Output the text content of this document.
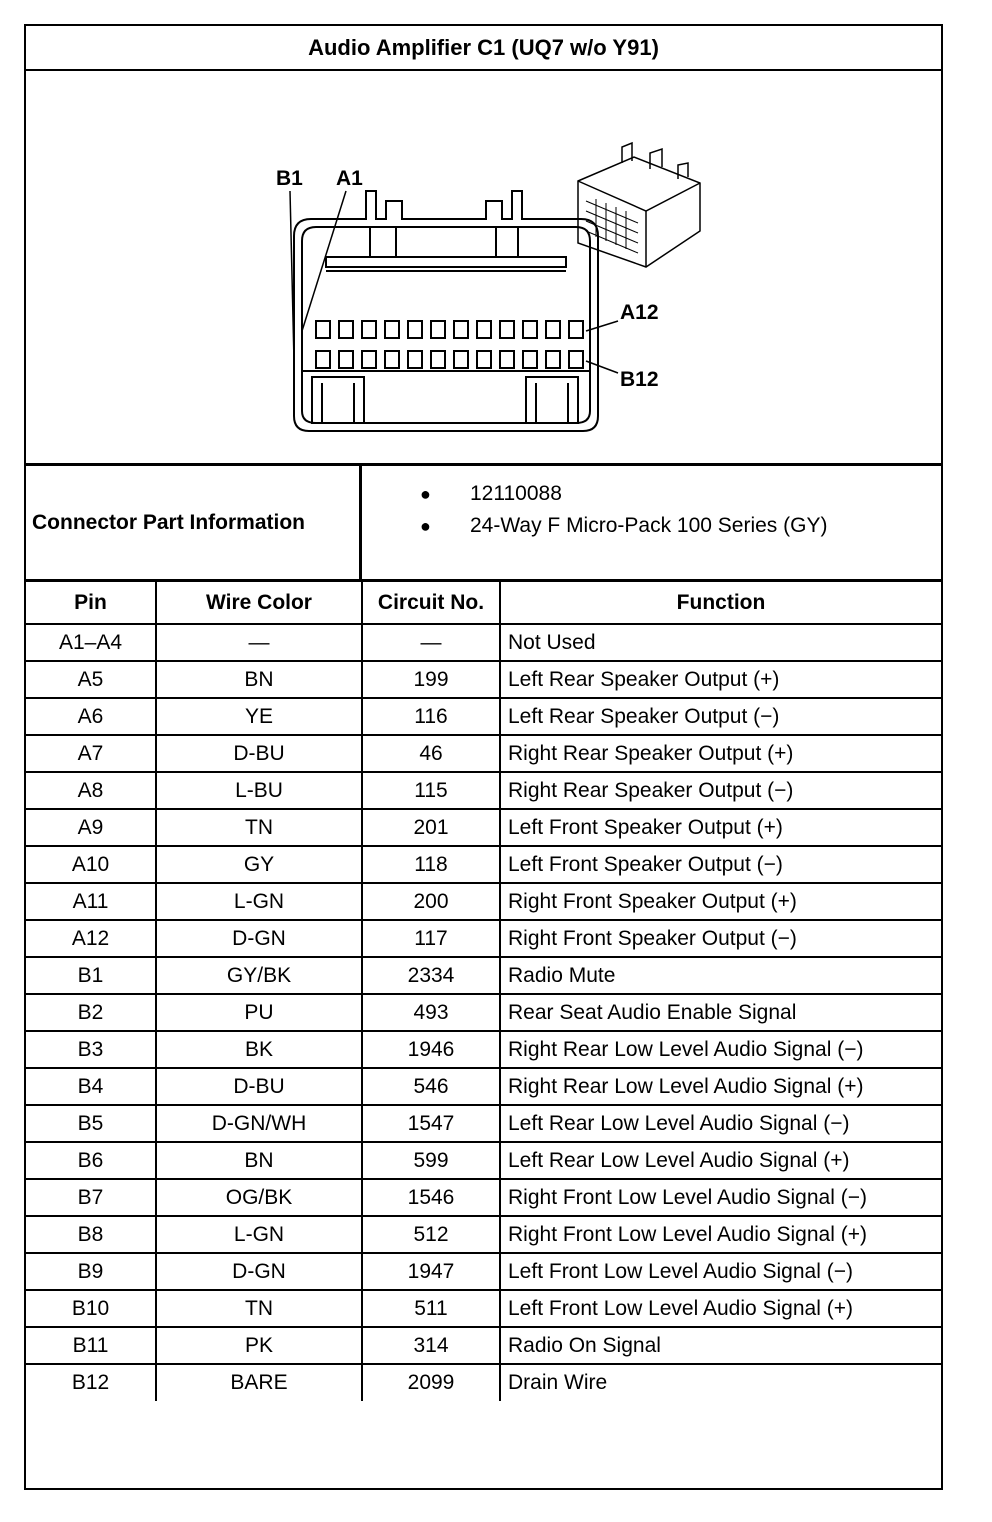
Audio Amplifier C1 (UQ7 w/o Y91)
B1 A1
A12
B12
Connector Part Information
● 12110088
● 24-Way F Micro-Pack 100 Series (GY)
Pin	Wire Color	Circuit No.	Function
A1–A4	—	—	Not Used
A5	BN	199	Left Rear Speaker Output (+)
A6	YE	116	Left Rear Speaker Output (−)
A7	D-BU	46	Right Rear Speaker Output (+)
A8	L-BU	115	Right Rear Speaker Output (−)
A9	TN	201	Left Front Speaker Output (+)
A10	GY	118	Left Front Speaker Output (−)
A11	L-GN	200	Right Front Speaker Output (+)
A12	D-GN	117	Right Front Speaker Output (−)
B1	GY/BK	2334	Radio Mute
B2	PU	493	Rear Seat Audio Enable Signal
B3	BK	1946	Right Rear Low Level Audio Signal (−)
B4	D-BU	546	Right Rear Low Level Audio Signal (+)
B5	D-GN/WH	1547	Left Rear Low Level Audio Signal (−)
B6	BN	599	Left Rear Low Level Audio Signal (+)
B7	OG/BK	1546	Right Front Low Level Audio Signal (−)
B8	L-GN	512	Right Front Low Level Audio Signal (+)
B9	D-GN	1947	Left Front Low Level Audio Signal (−)
B10	TN	511	Left Front Low Level Audio Signal (+)
B11	PK	314	Radio On Signal
B12	BARE	2099	Drain Wire
